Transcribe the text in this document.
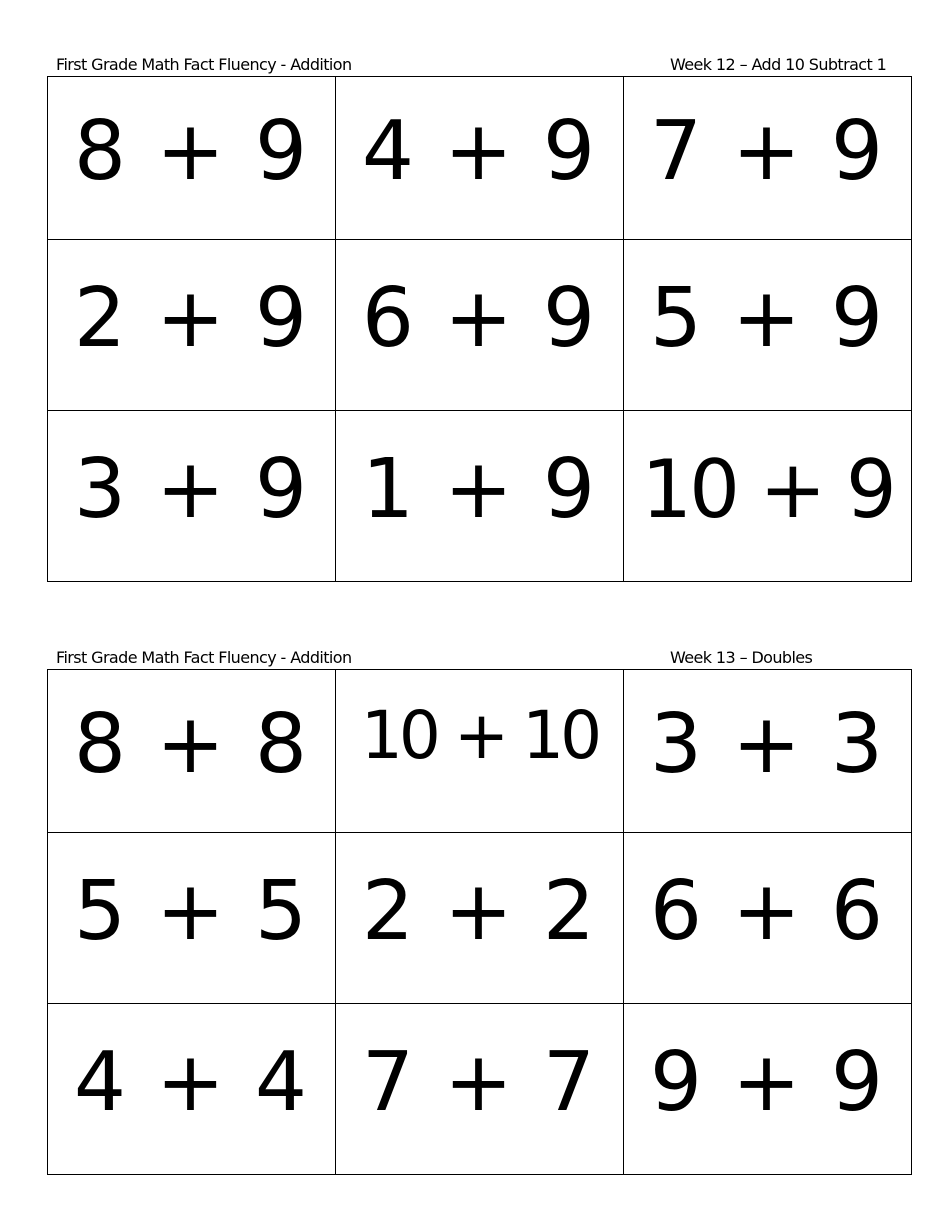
First Grade Math Fact Fluency - Addition	Week 12 – Add 10 Subtract 1
8 + 9	4 + 9	7 + 9

2 + 9	6 + 9	5 + 9

3 + 9	1 + 9	10 + 9
First Grade Math Fact Fluency - Addition	Week 13 – Doubles
8 + 8	10 + 10	3 + 3

5 + 5	2 + 2	6 + 6

4 + 4	7 + 7	9 + 9
